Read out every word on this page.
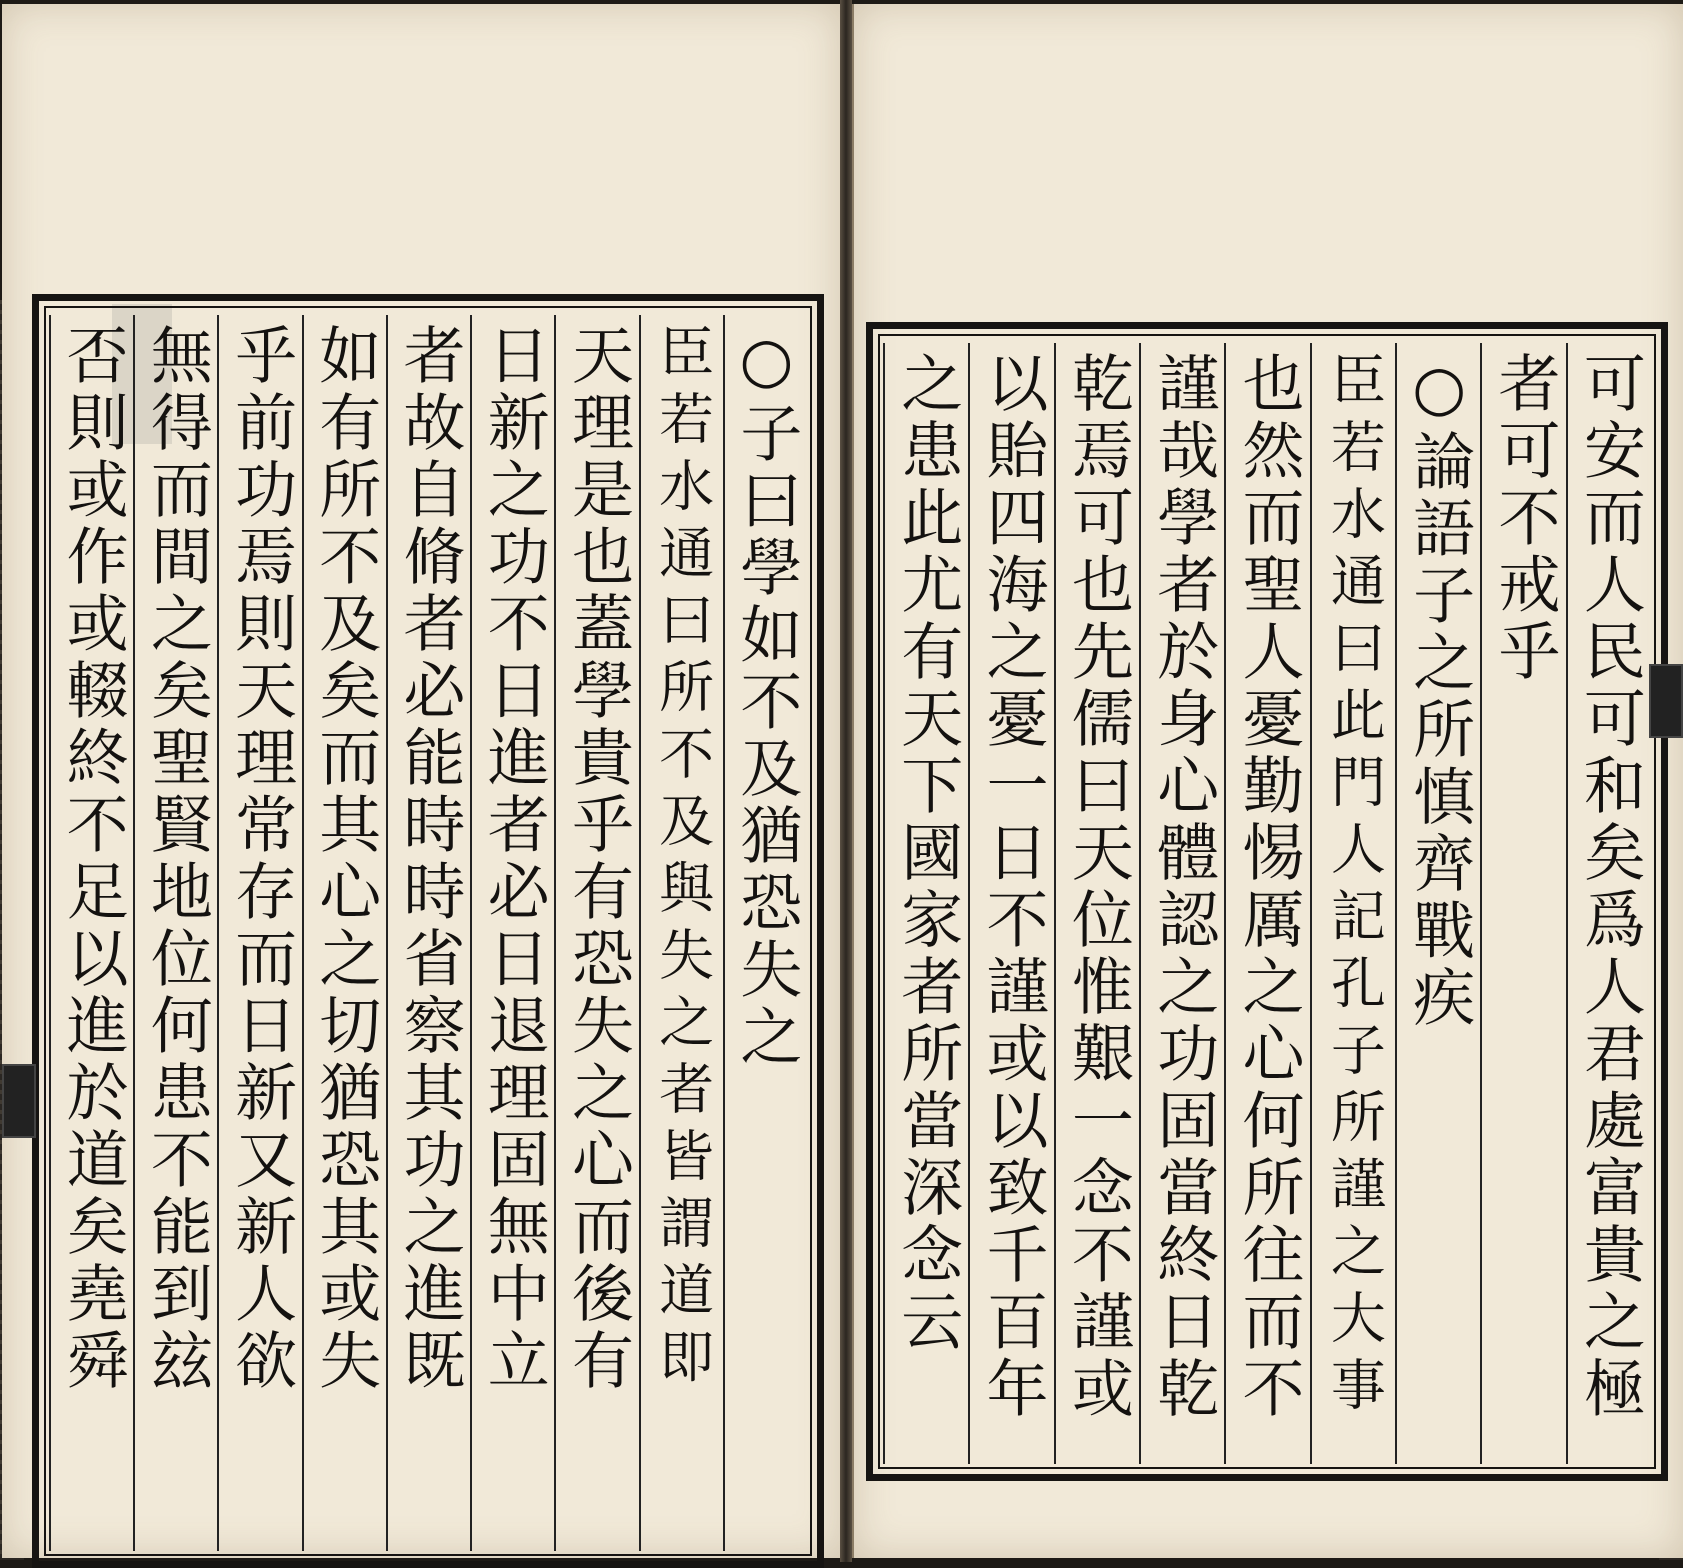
○子曰學如不及猶恐失之
臣若水通曰所不及與失之者皆謂道即
天理是也蓋學貴乎有恐失之心而後有
日新之功不日進者必日退理固無中立
者故自脩者必能時時省察其功之進既
如有所不及矣而其心之切猶恐其或失
乎前功焉則天理常存而日新又新人欲
無得而間之矣聖賢地位何患不能到玆
否則或作或輟終不足以進於道矣堯舜	可安而人民可和矣爲人君處富貴之極
者可不戒乎
○論語子之所慎齊戰疾
臣若水通曰此門人記孔子所謹之大事
也然而聖人憂勤惕厲之心何所往而不
謹哉學者於身心體認之功固當終日乾
乾焉可也先儒曰天位惟艱一念不謹或
以貽四海之憂一日不謹或以致千百年
之患此尤有天下國家者所當深念云
